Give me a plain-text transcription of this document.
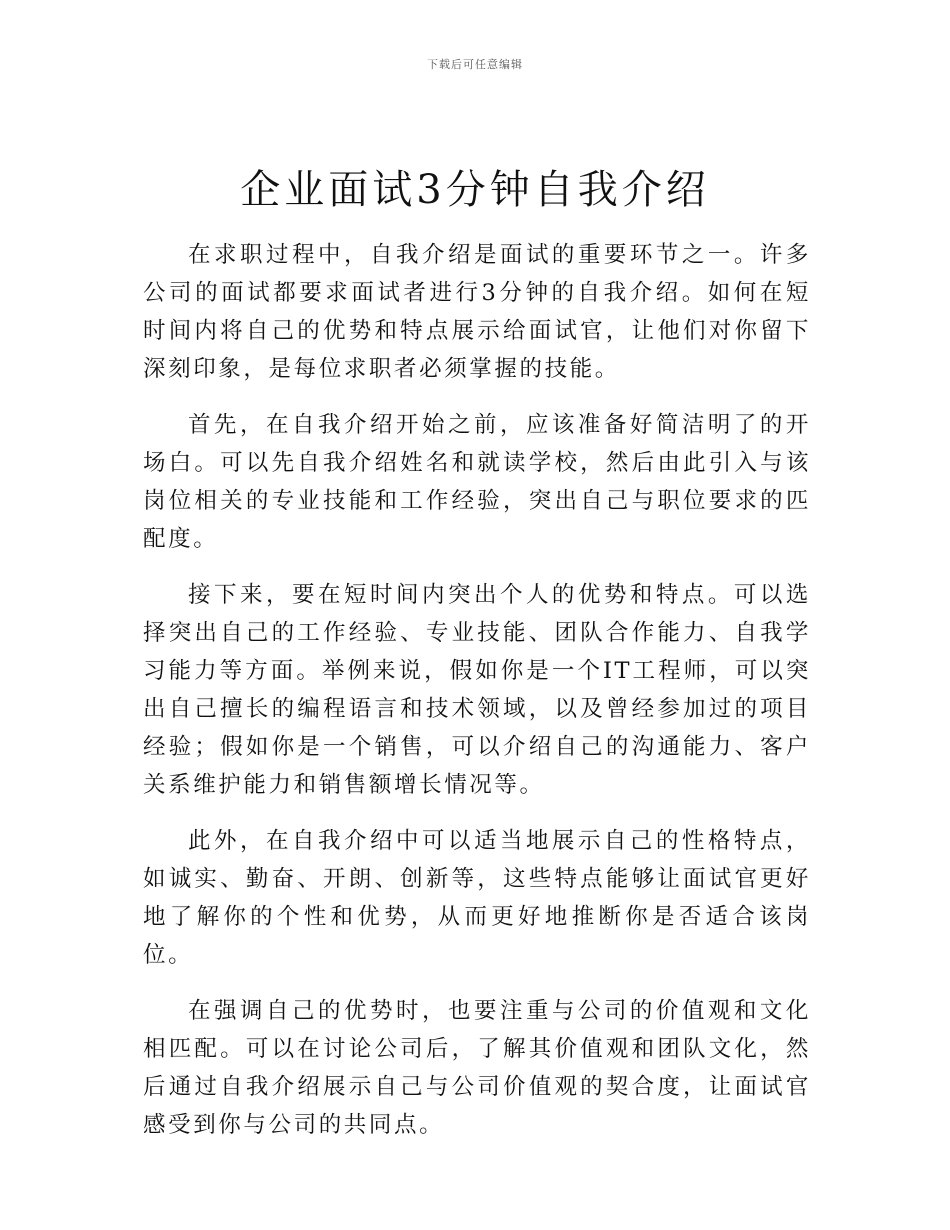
下载后可任意编辑
企业面试3分钟自我介绍

在求职过程中，自我介绍是面试的重要环节之一。许多公司的面试都要求面试者进行3分钟的自我介绍。如何在短时间内将自己的优势和特点展示给面试官，让他们对你留下深刻印象，是每位求职者必须掌握的技能。

首先，在自我介绍开始之前，应该准备好简洁明了的开场白。可以先自我介绍姓名和就读学校，然后由此引入与该岗位相关的专业技能和工作经验，突出自己与职位要求的匹配度。

接下来，要在短时间内突出个人的优势和特点。可以选择突出自己的工作经验、专业技能、团队合作能力、自我学习能力等方面。举例来说，假如你是一个IT工程师，可以突出自己擅长的编程语言和技术领域，以及曾经参加过的项目经验；假如你是一个销售，可以介绍自己的沟通能力、客户关系维护能力和销售额增长情况等。

此外，在自我介绍中可以适当地展示自己的性格特点，如诚实、勤奋、开朗、创新等，这些特点能够让面试官更好地了解你的个性和优势，从而更好地推断你是否适合该岗位。

在强调自己的优势时，也要注重与公司的价值观和文化相匹配。可以在讨论公司后，了解其价值观和团队文化，然后通过自我介绍展示自己与公司价值观的契合度，让面试官感受到你与公司的共同点。
